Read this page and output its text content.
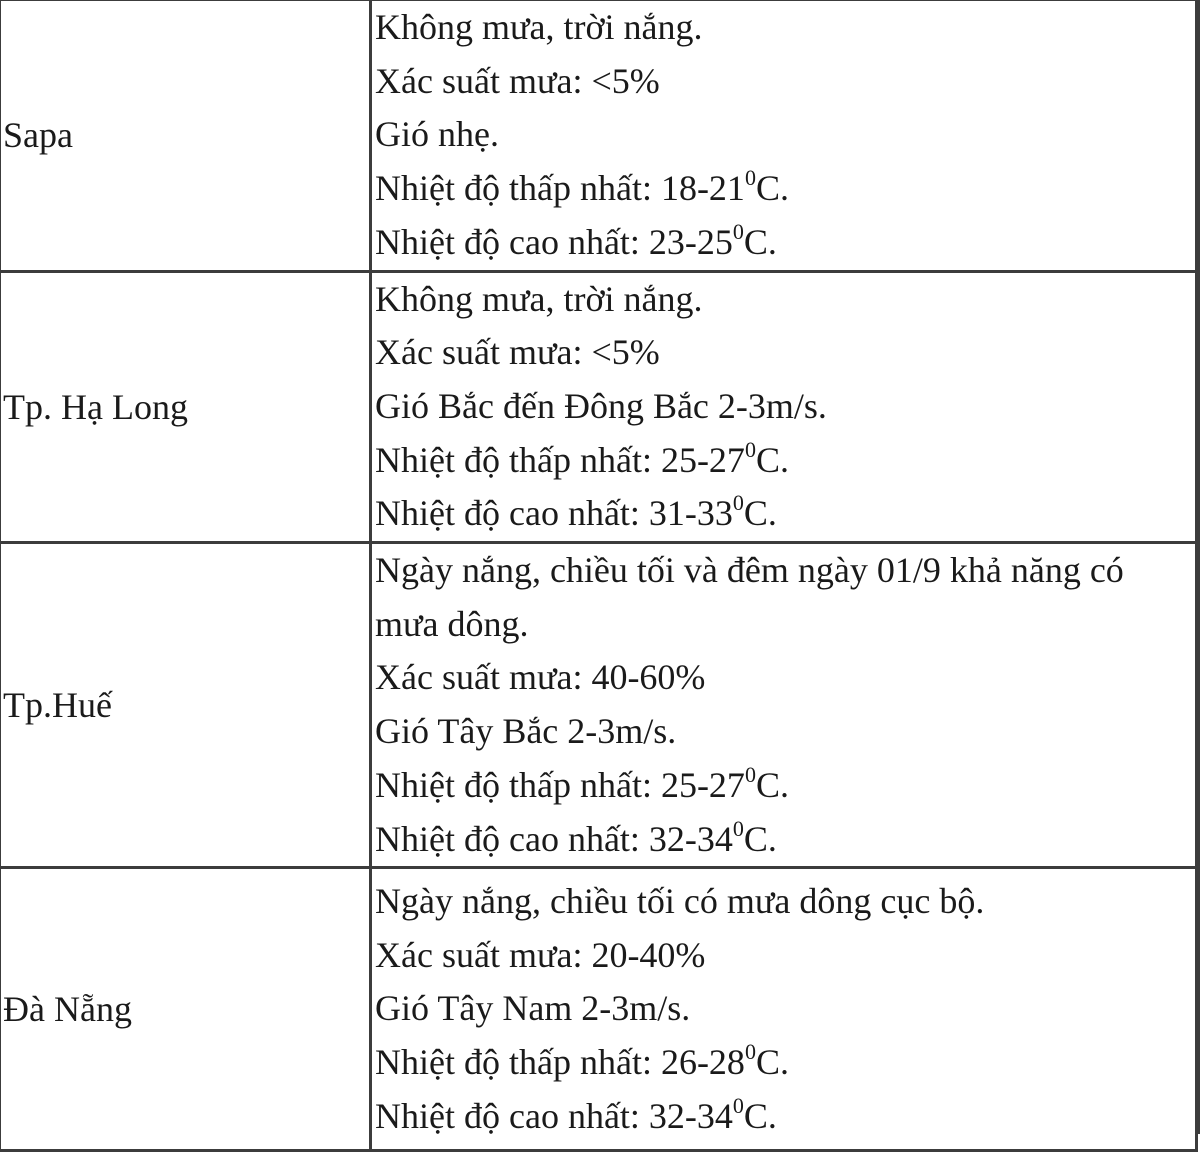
Sapa	Không mưa, trời nắng.
Xác suất mưa: <5%
Gió nhẹ.
Nhiệt độ thấp nhất: $18-21^0C$.
Nhiệt độ cao nhất: $23-25^0C$.

Tp. Hạ Long	Không mưa, trời nắng.
Xác suất mưa: <5%
Gió Bắc đến Đông Bắc 2-3m/s.
Nhiệt độ thấp nhất: $25-27^0C$.
Nhiệt độ cao nhất: $31-33^0C$.

Tp.Huế	Ngày nắng, chiều tối và đêm ngày 01/9 khả năng có mưa dông.
Xác suất mưa: 40-60%
Gió Tây Bắc 2-3m/s.
Nhiệt độ thấp nhất: $25-27^0C$.
Nhiệt độ cao nhất: $32-34^0C$.

Đà Nẵng	Ngày nắng, chiều tối có mưa dông cục bộ.
Xác suất mưa: 20-40%
Gió Tây Nam 2-3m/s.
Nhiệt độ thấp nhất: $26-28^0C$.
Nhiệt độ cao nhất: $32-34^0C$.
